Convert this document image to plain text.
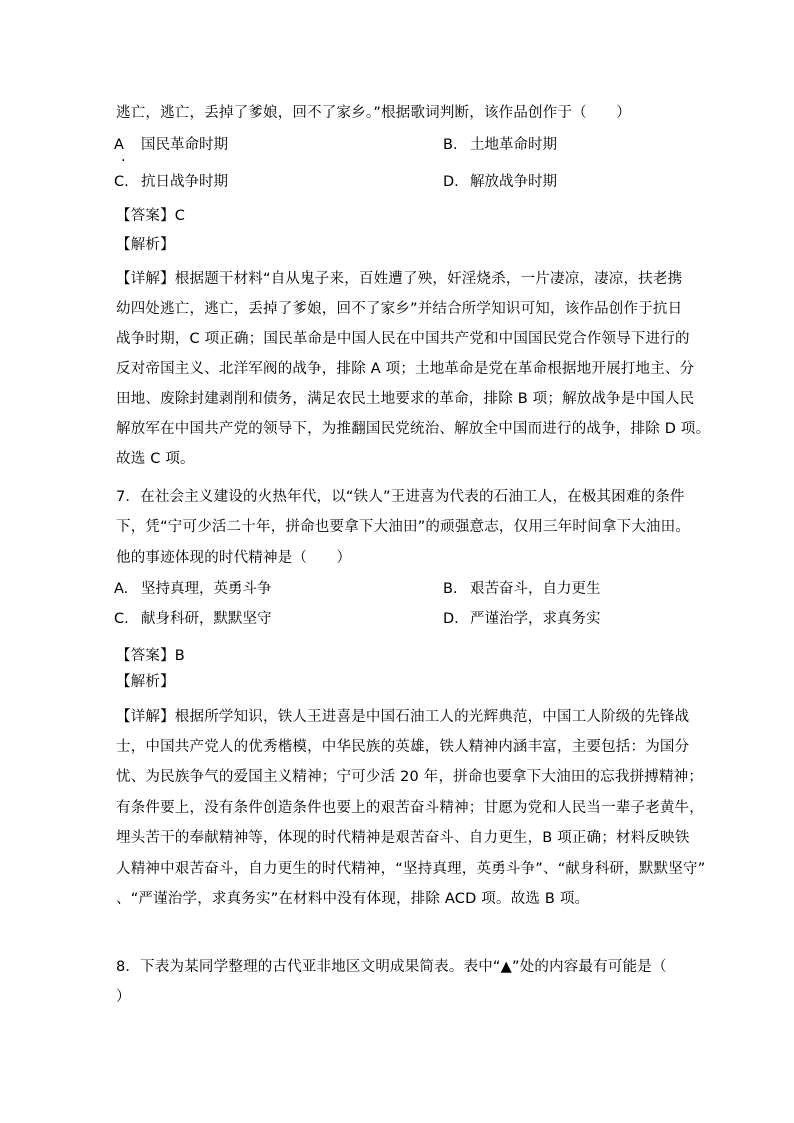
逃亡，逃亡，丢掉了爹娘，回不了家乡。”根据歌词判断，该作品创作于（　　）
A 国民革命时期	B. 土地革命时期
.
C. 抗日战争时期	D. 解放战争时期
【答案】C
【解析】
【详解】根据题干材料“自从鬼子来，百姓遭了殃，奸淫烧杀，一片凄凉，凄凉，扶老携
幼四处逃亡，逃亡，丢掉了爹娘，回不了家乡”并结合所学知识可知，该作品创作于抗日
战争时期，C 项正确；国民革命是中国人民在中国共产党和中国国民党合作领导下进行的
反对帝国主义、北洋军阀的战争，排除 A 项；土地革命是党在革命根据地开展打地主、分
田地、废除封建剥削和债务，满足农民土地要求的革命，排除 B 项；解放战争是中国人民
解放军在中国共产党的领导下，为推翻国民党统治、解放全中国而进行的战争，排除 D 项。
故选 C 项。
7．在社会主义建设的火热年代，以“铁人”王进喜为代表的石油工人，在极其困难的条件
下，凭“宁可少活二十年，拼命也要拿下大油田”的顽强意志，仅用三年时间拿下大油田。
他的事迹体现的时代精神是（　　）
A. 坚持真理，英勇斗争	B. 艰苦奋斗，自力更生
C. 献身科研，默默坚守	D. 严谨治学，求真务实
【答案】B
【解析】
【详解】根据所学知识，铁人王进喜是中国石油工人的光辉典范，中国工人阶级的先锋战
士，中国共产党人的优秀楷模，中华民族的英雄，铁人精神内涵丰富，主要包括：为国分
忧、为民族争气的爱国主义精神；宁可少活 20 年，拼命也要拿下大油田的忘我拼搏精神；
有条件要上，没有条件创造条件也要上的艰苦奋斗精神；甘愿为党和人民当一辈子老黄牛，
埋头苦干的奉献精神等，体现的时代精神是艰苦奋斗、自力更生，B 项正确；材料反映铁
人精神中艰苦奋斗，自力更生的时代精神，“坚持真理，英勇斗争”、“献身科研，默默坚守”
、“严谨治学，求真务实”在材料中没有体现，排除 ACD 项。故选 B 项。
8．下表为某同学整理的古代亚非地区文明成果简表。表中“▲”处的内容最有可能是（
）
